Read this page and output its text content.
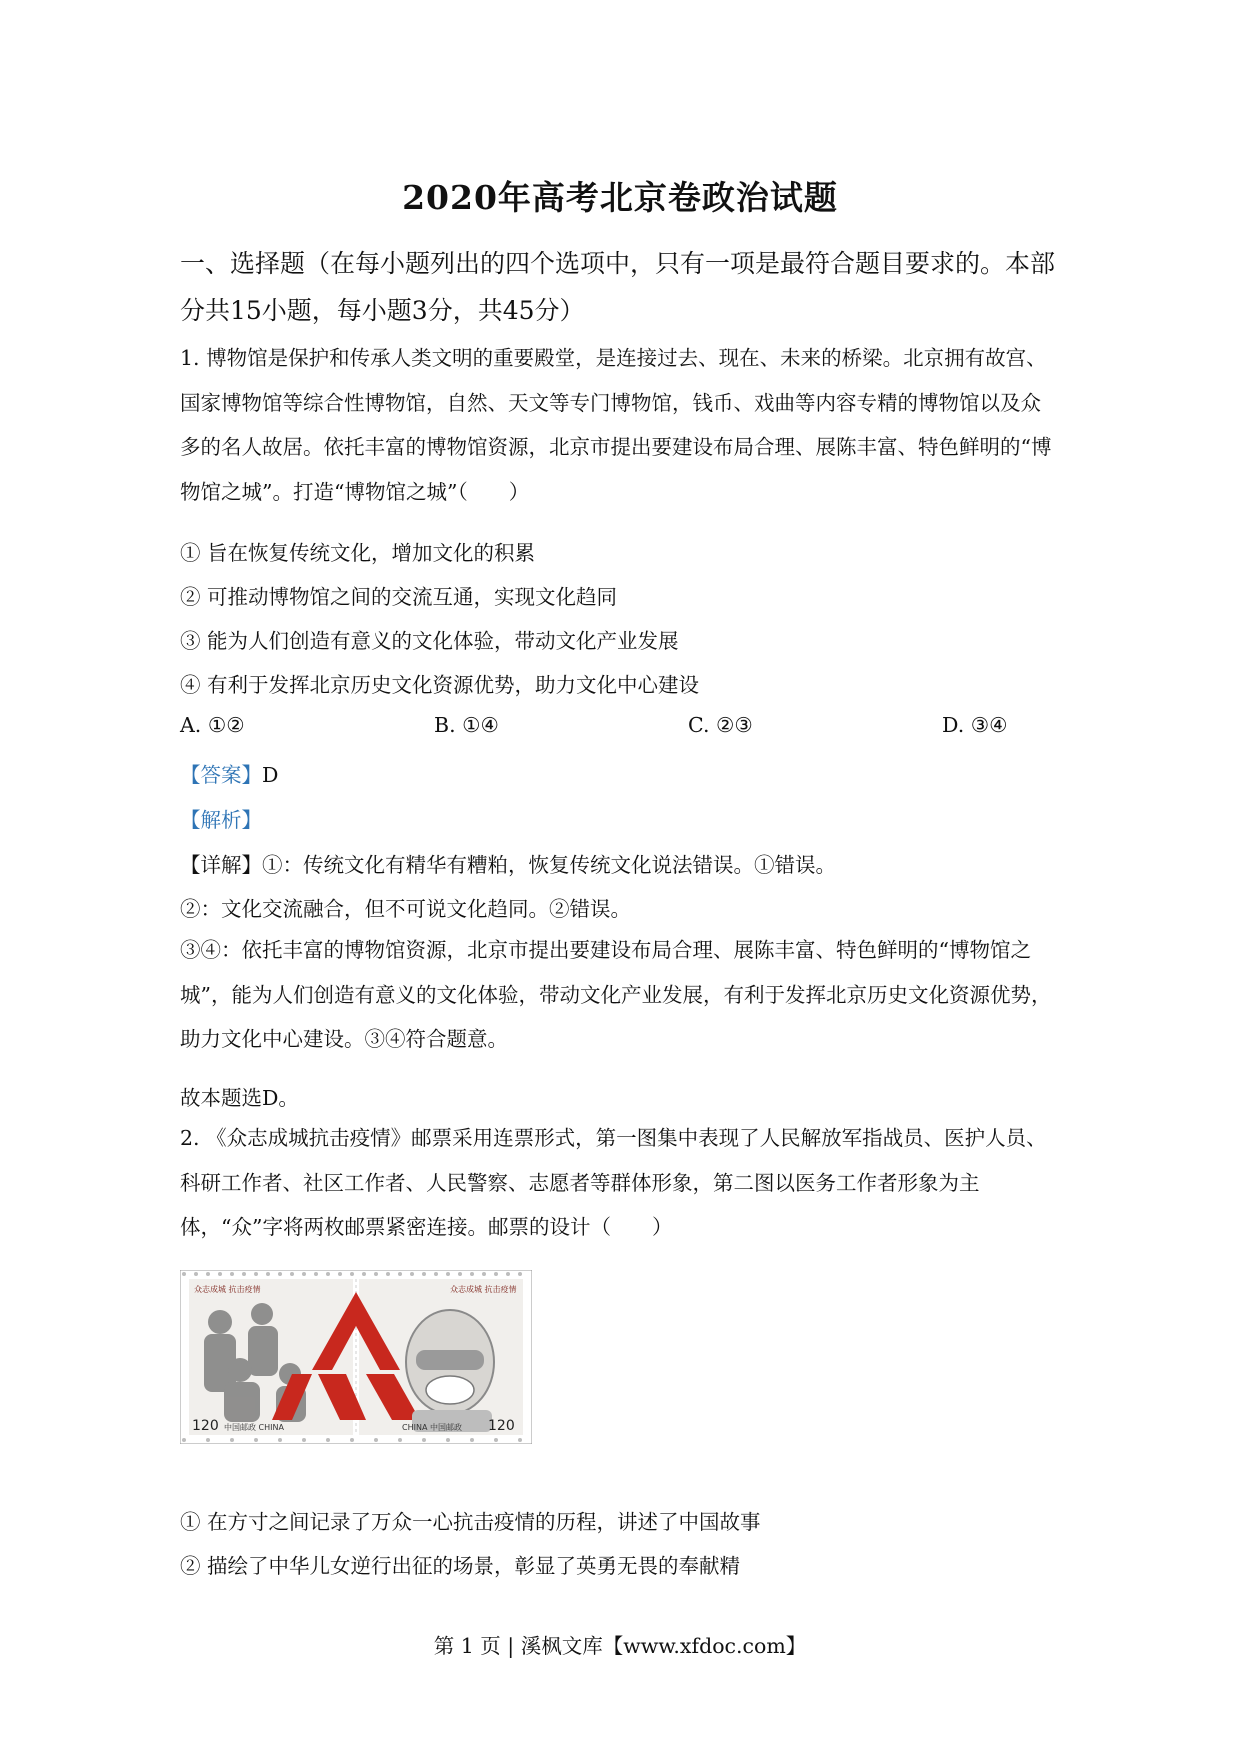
2020年高考北京卷政治试题
一、选择题（在每小题列出的四个选项中，只有一项是最符合题目要求的。本部分共15小题，每小题3分，共45分）
1. 博物馆是保护和传承人类文明的重要殿堂，是连接过去、现在、未来的桥梁。北京拥有故宫、国家博物馆等综合性博物馆，自然、天文等专门博物馆，钱币、戏曲等内容专精的博物馆以及众多的名人故居。依托丰富的博物馆资源，北京市提出要建设布局合理、展陈丰富、特色鲜明的“博物馆之城”。打造“博物馆之城”（　　）
① 旨在恢复传统文化，增加文化的积累
② 可推动博物馆之间的交流互通，实现文化趋同
③ 能为人们创造有意义的文化体验，带动文化产业发展
④ 有利于发挥北京历史文化资源优势，助力文化中心建设
A. ①②	B. ①④	C. ②③	D. ③④
【答案】D
【解析】
【详解】①：传统文化有精华有糟粕，恢复传统文化说法错误。①错误。
②：文化交流融合，但不可说文化趋同。②错误。
③④：依托丰富的博物馆资源，北京市提出要建设布局合理、展陈丰富、特色鲜明的“博物馆之城”，能为人们创造有意义的文化体验，带动文化产业发展，有利于发挥北京历史文化资源优势，助力文化中心建设。③④符合题意。
故本题选D。
2. 《众志成城抗击疫情》邮票采用连票形式，第一图集中表现了人民解放军指战员、医护人员、科研工作者、社区工作者、人民警察、志愿者等群体形象，第二图以医务工作者形象为主体，“众”字将两枚邮票紧密连接。邮票的设计（　　）
众志成城 抗击疫情	众志成城 抗击疫情
120 中国邮政 CHINA	CHINA 中国邮政 120
① 在方寸之间记录了万众一心抗击疫情的历程，讲述了中国故事
② 描绘了中华儿女逆行出征的场景，彰显了英勇无畏的奉献精
第 1 页 | 溪枫文库【www.xfdoc.com】
